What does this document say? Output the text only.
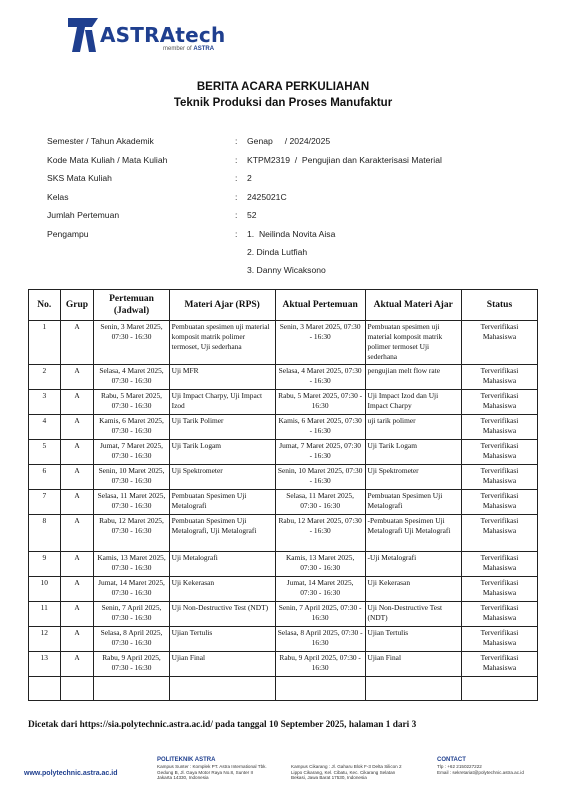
ASTRAtech
member of ASTRA
BERITA ACARA PERKULIAHAN
Teknik Produksi dan Proses Manufaktur
Semester / Tahun Akademik	: Genap     / 2024/2025
Kode Mata Kuliah / Mata Kuliah	: KTPM2319  /  Pengujian dan Karakterisasi Material
SKS Mata Kuliah	: 2
Kelas	: 2425021C
Jumlah Pertemuan	: 52
Pengampu	: 1.  Neilinda Novita Aisa
2. Dinda Lutfiah
3. Danny Wicaksono
No.	Grup	Pertemuan (Jadwal)	Materi Ajar (RPS)	Aktual Pertemuan	Aktual Materi Ajar	Status
1	A	Senin, 3 Maret 2025, 07:30 - 16:30	Pembuatan spesimen uji material komposit matrik polimer termoset, Uji sederhana	Senin, 3 Maret 2025, 07:30 - 16:30	Pembuatan spesimen uji material komposit matrik polimer termoset Uji sederhana	Terverifikasi Mahasiswa
2	A	Selasa, 4 Maret 2025, 07:30 - 16:30	Uji MFR	Selasa, 4 Maret 2025, 07:30 - 16:30	pengujian melt flow rate	Terverifikasi Mahasiswa
3	A	Rabu, 5 Maret 2025, 07:30 - 16:30	Uji Impact Charpy, Uji Impact Izod	Rabu, 5 Maret 2025, 07:30 - 16:30	Uji Impact Izod dan Uji Impact Charpy	Terverifikasi Mahasiswa
4	A	Kamis, 6 Maret 2025, 07:30 - 16:30	Uji Tarik Polimer	Kamis, 6 Maret 2025, 07:30 - 16:30	uji tarik polimer	Terverifikasi Mahasiswa
5	A	Jumat, 7 Maret 2025, 07:30 - 16:30	Uji Tarik Logam	Jumat, 7 Maret 2025, 07:30 - 16:30	Uji Tarik Logam	Terverifikasi Mahasiswa
6	A	Senin, 10 Maret 2025, 07:30 - 16:30	Uji Spektrometer	Senin, 10 Maret 2025, 07:30 - 16:30	Uji Spektrometer	Terverifikasi Mahasiswa
7	A	Selasa, 11 Maret 2025, 07:30 - 16:30	Pembuatan Spesimen Uji Metalografi	Selasa, 11 Maret 2025, 07:30 - 16:30	Pembuatan Spesimen Uji Metalografi	Terverifikasi Mahasiswa
8	A	Rabu, 12 Maret 2025, 07:30 - 16:30	Pembuatan Spesimen Uji Metalografi, Uji Metalografi	Rabu, 12 Maret 2025, 07:30 - 16:30	-Pembuatan Spesimen Uji Metalografi Uji Metalografi	Terverifikasi Mahasiswa
9	A	Kamis, 13 Maret 2025, 07:30 - 16:30	Uji Metalografi	Kamis, 13 Maret 2025, 07:30 - 16:30	-Uji Metalografi	Terverifikasi Mahasiswa
10	A	Jumat, 14 Maret 2025, 07:30 - 16:30	Uji Kekerasan	Jumat, 14 Maret 2025, 07:30 - 16:30	Uji Kekerasan	Terverifikasi Mahasiswa
11	A	Senin, 7 April 2025, 07:30 - 16:30	Uji Non-Destructive Test (NDT)	Senin, 7 April 2025, 07:30 - 16:30	Uji Non-Destructive Test (NDT)	Terverifikasi Mahasiswa
12	A	Selasa, 8 April 2025, 07:30 - 16:30	Ujian Tertulis	Selasa, 8 April 2025, 07:30 - 16:30	Ujian Tertulis	Terverifikasi Mahasiswa
13	A	Rabu, 9 April 2025, 07:30 - 16:30	Ujian Final	Rabu, 9 April 2025, 07:30 - 16:30	Ujian Final	Terverifikasi Mahasiswa

Dicetak dari https://sia.polytechnic.astra.ac.id/ pada tanggal 10 September 2025, halaman 1 dari 3
www.polytechnic.astra.ac.id
POLITEKNIK ASTRA
Kampus Sunter : Komplek PT. Astra International Tbk.
Gedung B, Jl. Gaya Motor Raya No.8, Sunter II
Jakarta 14330, Indonesia
Kampus Cikarang : Jl. Gaharu Blok F-3 Delta Silicon 2
Lippo Cikarang, Kel. Cibatu, Kec. Cikarang Selatan
Bekasi, Jawa Barat 17530, Indonesia
CONTACT
Tlp : +62 2150227222
Email : sekretariat@polytechnic.astra.ac.id
